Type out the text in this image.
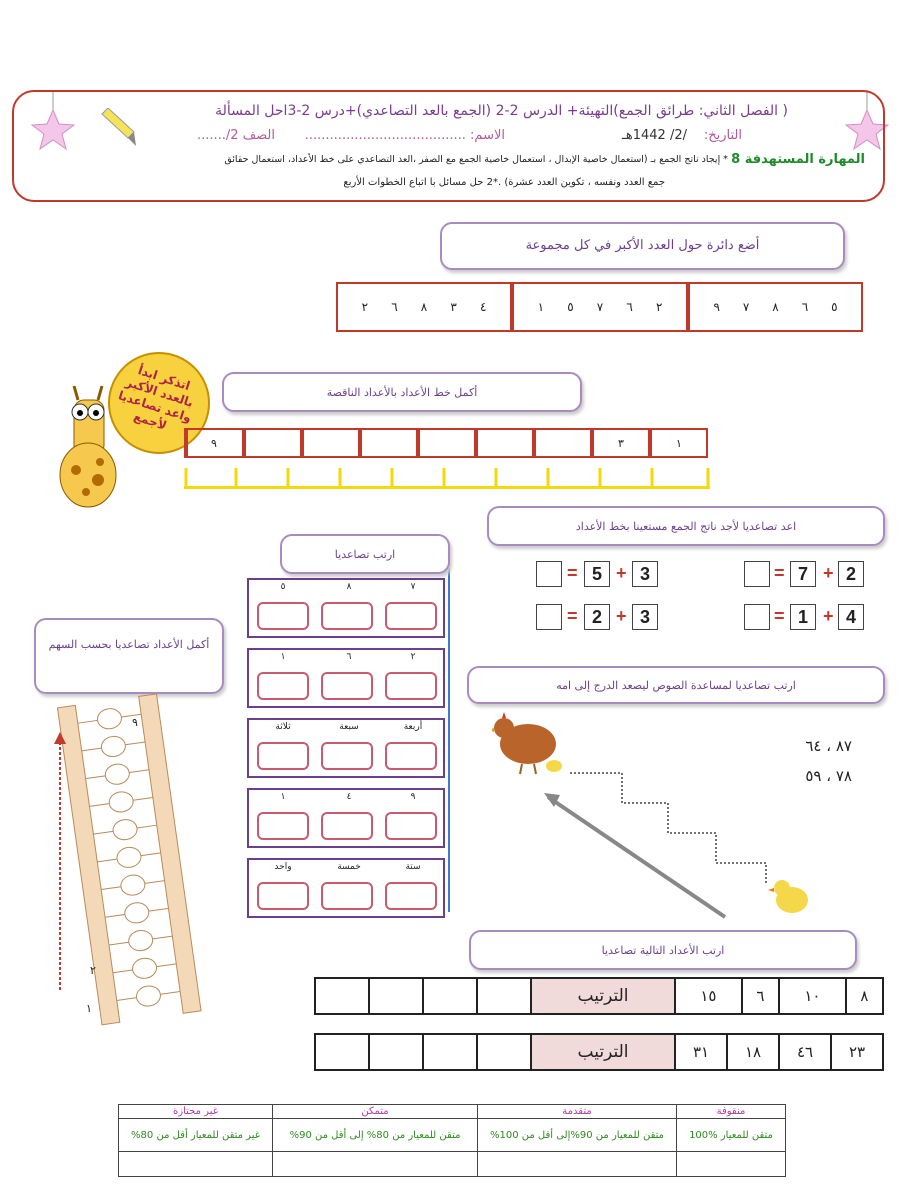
( الفصل الثاني: طرائق الجمع)التهيئة+ الدرس 2-2 (الجمع بالعد التصاعدي)+درس 2-3احل المسألة
الصف 2/....... الاسم: .......................................	/2/ 1442هـ التاريخ:
المهارة المستهدفة 8
* إيجاد ناتج الجمع بـ (استعمال خاصية الإبدال ، استعمال خاصية الجمع مع الصفر ،العد التصاعدي على خط الأعداد، استعمال حقائق
جمع العدد ونفسه ، تكوين العدد عشرة) .*2 حل مسائل با اتباع الخطوات الأربع
أضع دائرة حول العدد الأكبر في كل مجموعة
٥
٦
٨
٧
٩
٢
٦
٧
٥
١
٤
٣
٨
٦
٢
اتذكر ابدأ بالعدد الأكبر واعد تصاعديا لأجمع
أكمل خط الأعداد بالأعداد الناقصة
١
٣
٩
اعد تصاعديا لأجد ناتج الجمع مستعينا بخط الأعداد
2
+
7
=
3
+
5
=
4
+
1
=
3
+
2
=
ارتب تصاعديا
٧
٨
٥
٢
٦
١
أربعة
سبعة
ثلاثة
٩
٤
١
ستة
خمسة
واحد
أكمل الأعداد تصاعديا بحسب السهم
١
٢
٩
ارتب تصاعديا لمساعدة الصوص ليصعد الدرج إلى امه
٨٧ ، ٦٤
٧٨ ، ٥٩
ارتب الأعداد التالية تصاعديا
				الترتيب	١٥	٦	١٠	٨
				الترتيب	٣١	١٨	٤٦	٢٣
منقوفة	متقدمة	متمكن	غير مجتازة
متقن للمعيار %100	متقن للمعيار من 90%إلى أقل من 100%	متقن للمعيار من 80% إلى أقل من 90%	غير متقن للمعيار أقل من 80%
